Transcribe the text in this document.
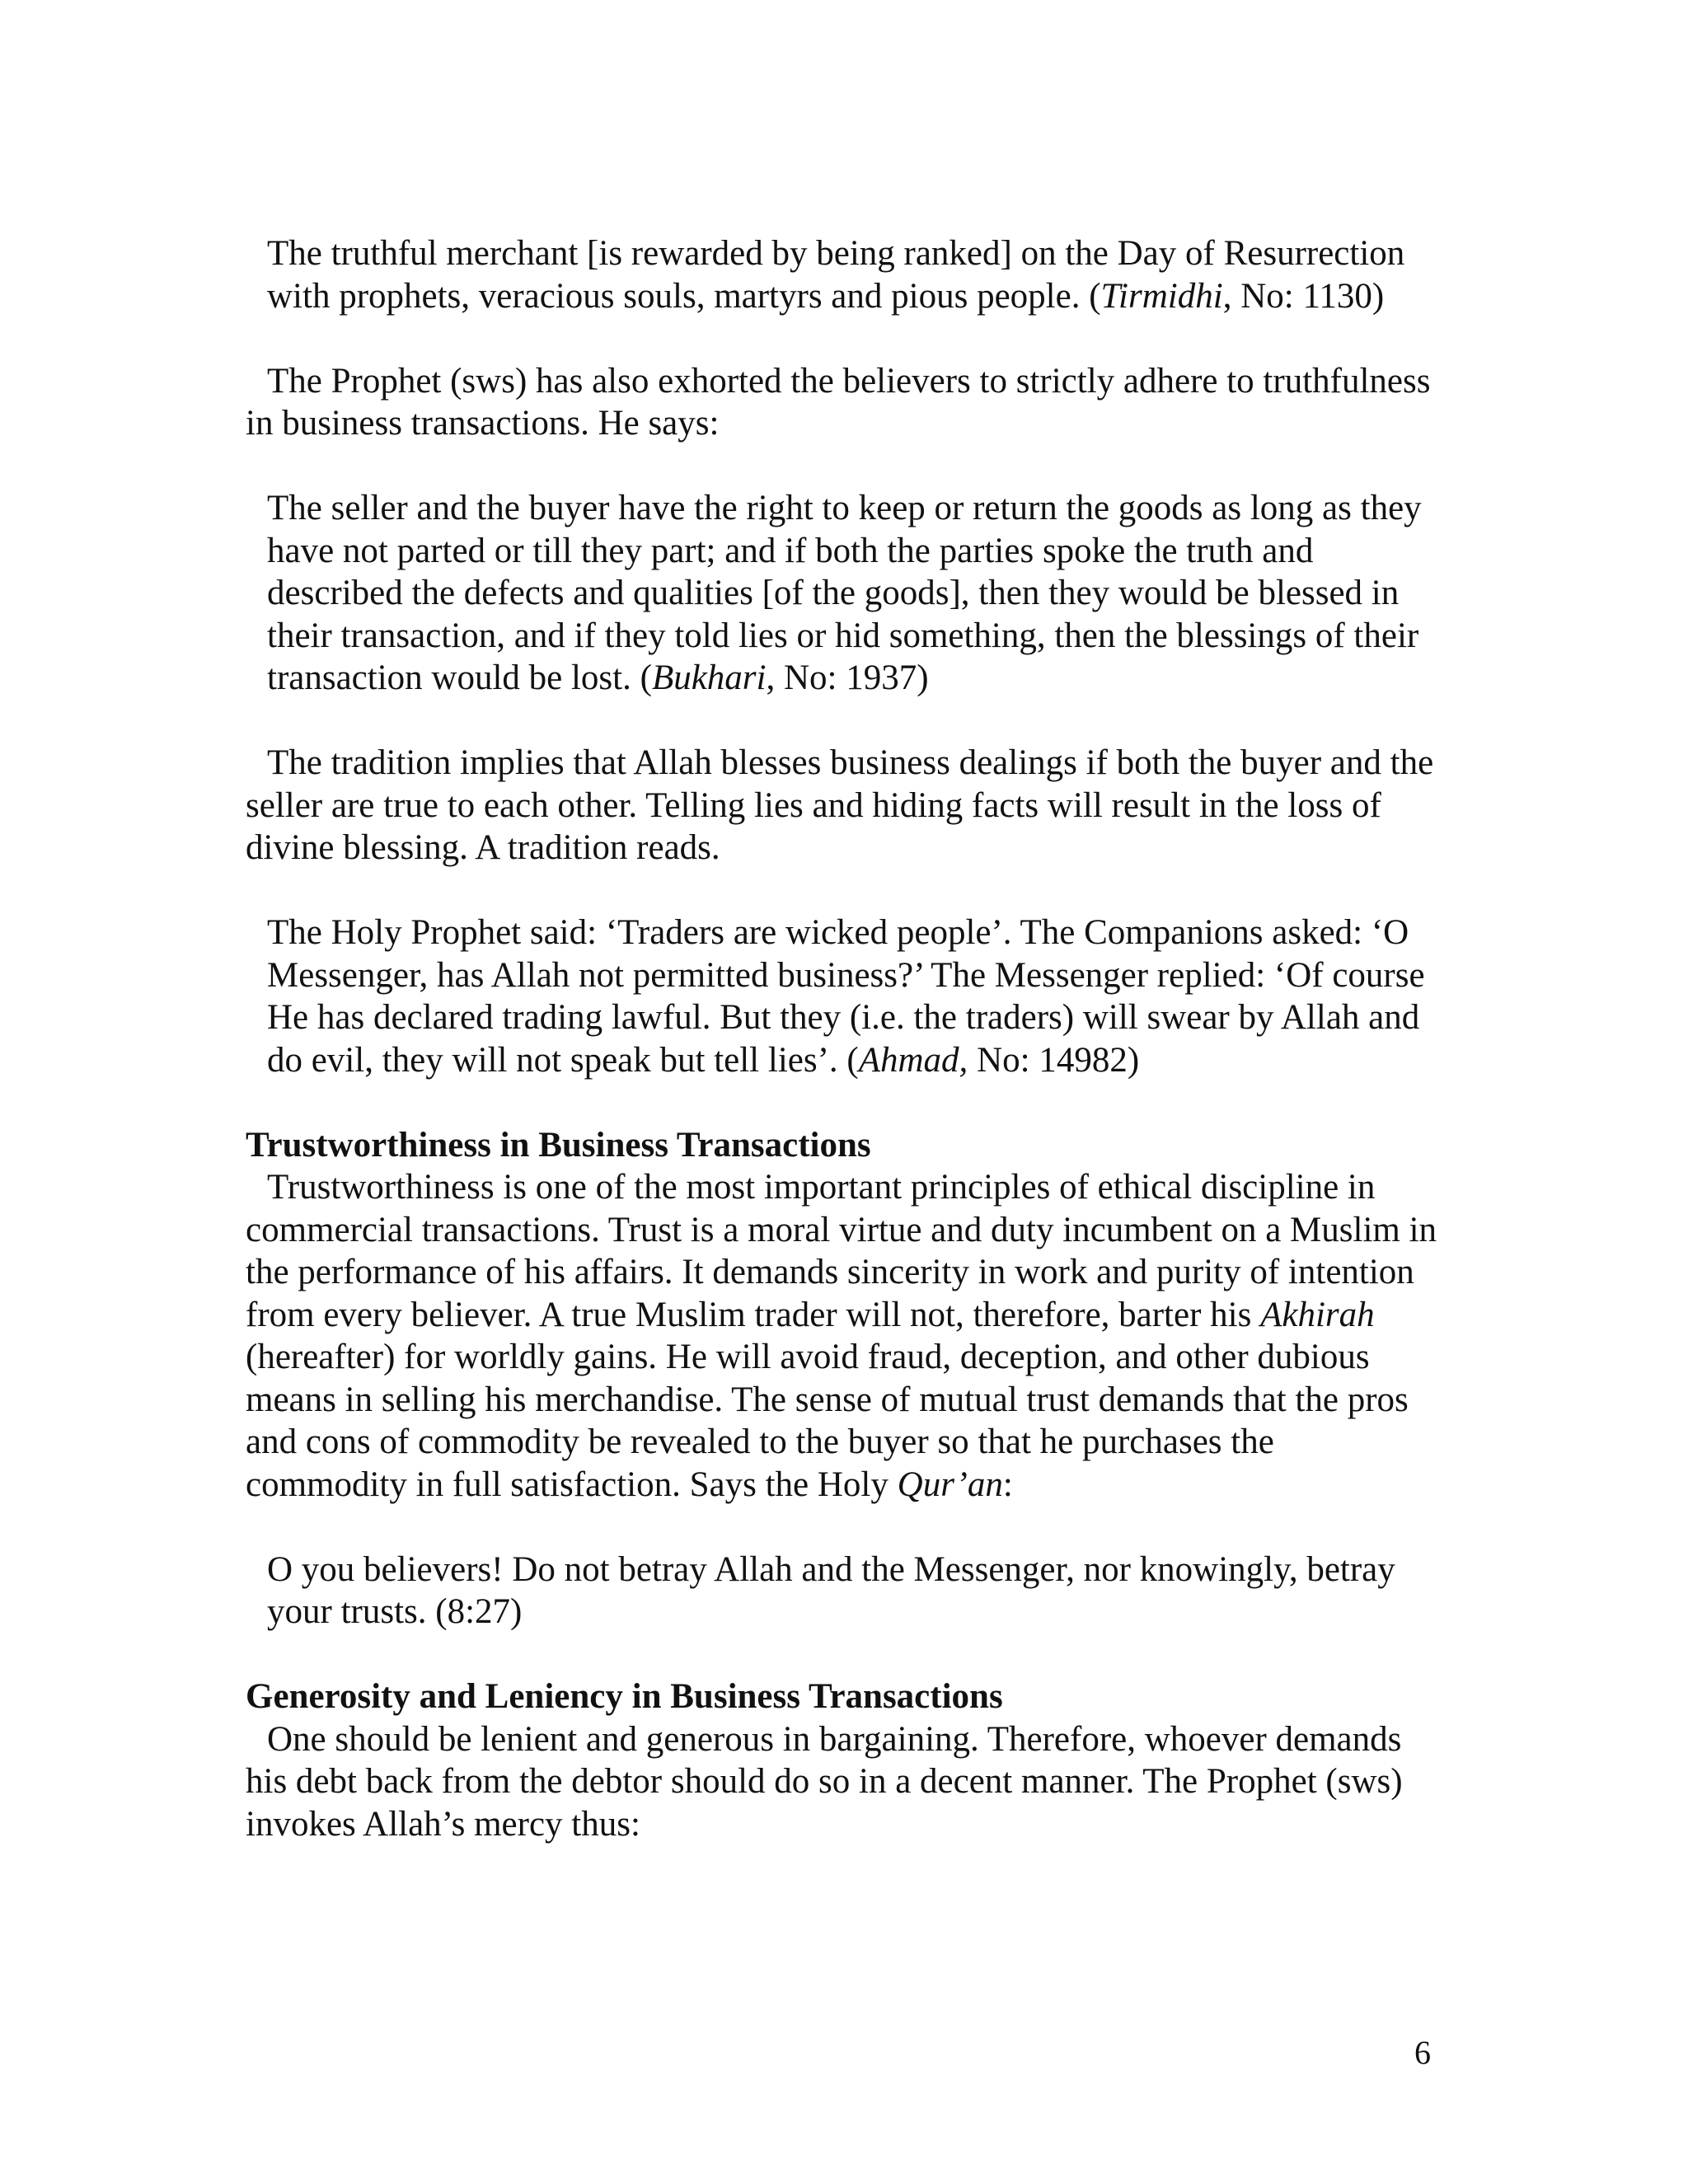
The truthful merchant [is rewarded by being ranked] on the Day of Resurrection with prophets, veracious souls, martyrs and pious people. (Tirmidhi, No: 1130)

The Prophet (sws) has also exhorted the believers to strictly adhere to truthfulness in business transactions. He says:

The seller and the buyer have the right to keep or return the goods as long as they have not parted or till they part; and if both the parties spoke the truth and described the defects and qualities [of the goods], then they would be blessed in their transaction, and if they told lies or hid something, then the blessings of their transaction would be lost. (Bukhari, No: 1937)

The tradition implies that Allah blesses business dealings if both the buyer and the seller are true to each other. Telling lies and hiding facts will result in the loss of divine blessing. A tradition reads.

The Holy Prophet said: ‘Traders are wicked people’. The Companions asked: ‘O Messenger, has Allah not permitted business?’ The Messenger replied: ‘Of course He has declared trading lawful. But they (i.e. the traders) will swear by Allah and do evil, they will not speak but tell lies’. (Ahmad, No: 14982)

Trustworthiness in Business Transactions

Trustworthiness is one of the most important principles of ethical discipline in commercial transactions. Trust is a moral virtue and duty incumbent on a Muslim in the performance of his affairs. It demands sincerity in work and purity of intention from every believer. A true Muslim trader will not, therefore, barter his Akhirah (hereafter) for worldly gains. He will avoid fraud, deception, and other dubious means in selling his merchandise. The sense of mutual trust demands that the pros and cons of commodity be revealed to the buyer so that he purchases the commodity in full satisfaction. Says the Holy Qur’an:

O you believers! Do not betray Allah and the Messenger, nor knowingly, betray your trusts. (8:27)

Generosity and Leniency in Business Transactions

One should be lenient and generous in bargaining. Therefore, whoever demands his debt back from the debtor should do so in a decent manner. The Prophet (sws) invokes Allah’s mercy thus:

6
